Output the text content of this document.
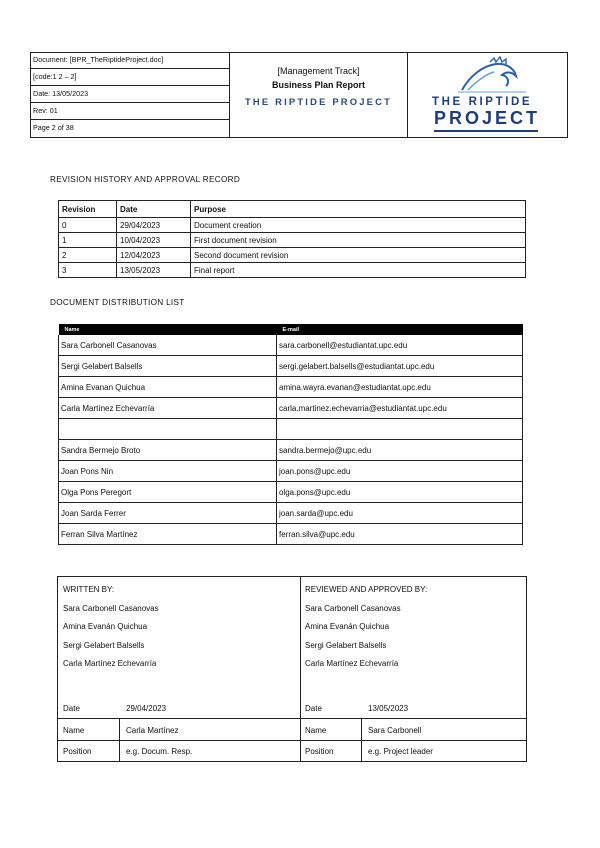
Document: [BPR_TheRiptideProject.doc]
[code:1 2 – 2]
Date: 13/05/2023
Rev: 01
Page 2 of 38
[Management Track]
Business Plan Report
THE RIPTIDE PROJECT	THE RIPTIDE
PROJECT
REVISION HISTORY AND APPROVAL RECORD
Revision	Date	Purpose
0	29/04/2023	Document creation
1	10/04/2023	First document revision
2	12/04/2023	Second document revision
3	13/05/2023	Final report
DOCUMENT DISTRIBUTION LIST
Name	E-mail
Sara Carbonell Casanovas	sara.carbonell@estudiantat.upc.edu
Sergi Gelabert Balsells	sergi.gelabert.balsells@estudiantat.upc.edu
Amina Evanan Quichua	amina.wayra.evanan@estudiantat.upc.edu
Carla Martínez Echevarría	carla.martinez.echevarria@estudiantat.upc.edu

Sandra Bermejo Broto	sandra.bermejo@upc.edu
Joan Pons Nin	joan.pons@upc.edu
Olga Pons Peregort	olga.pons@upc.edu
Joan Sarda Ferrer	joan.sarda@upc.edu
Ferran Silva Martínez	ferran.silva@upc.edu
WRITTEN BY:
Sara Carbonell Casanovas
Amina Evanán Quichua
Sergi Gelabert Balsells
Carla Martínez Echevarría
Date	29/04/2023
Name	Carla Martínez
Position	e.g. Docum. Resp.
REVIEWED AND APPROVED BY:
Sara Carbonell Casanovas
Amina Evanán Quichua
Sergi Gelabert Balsells
Carla Martínez Echevarría
Date	13/05/2023
Name	Sara Carbonell
Position	e.g. Project leader
